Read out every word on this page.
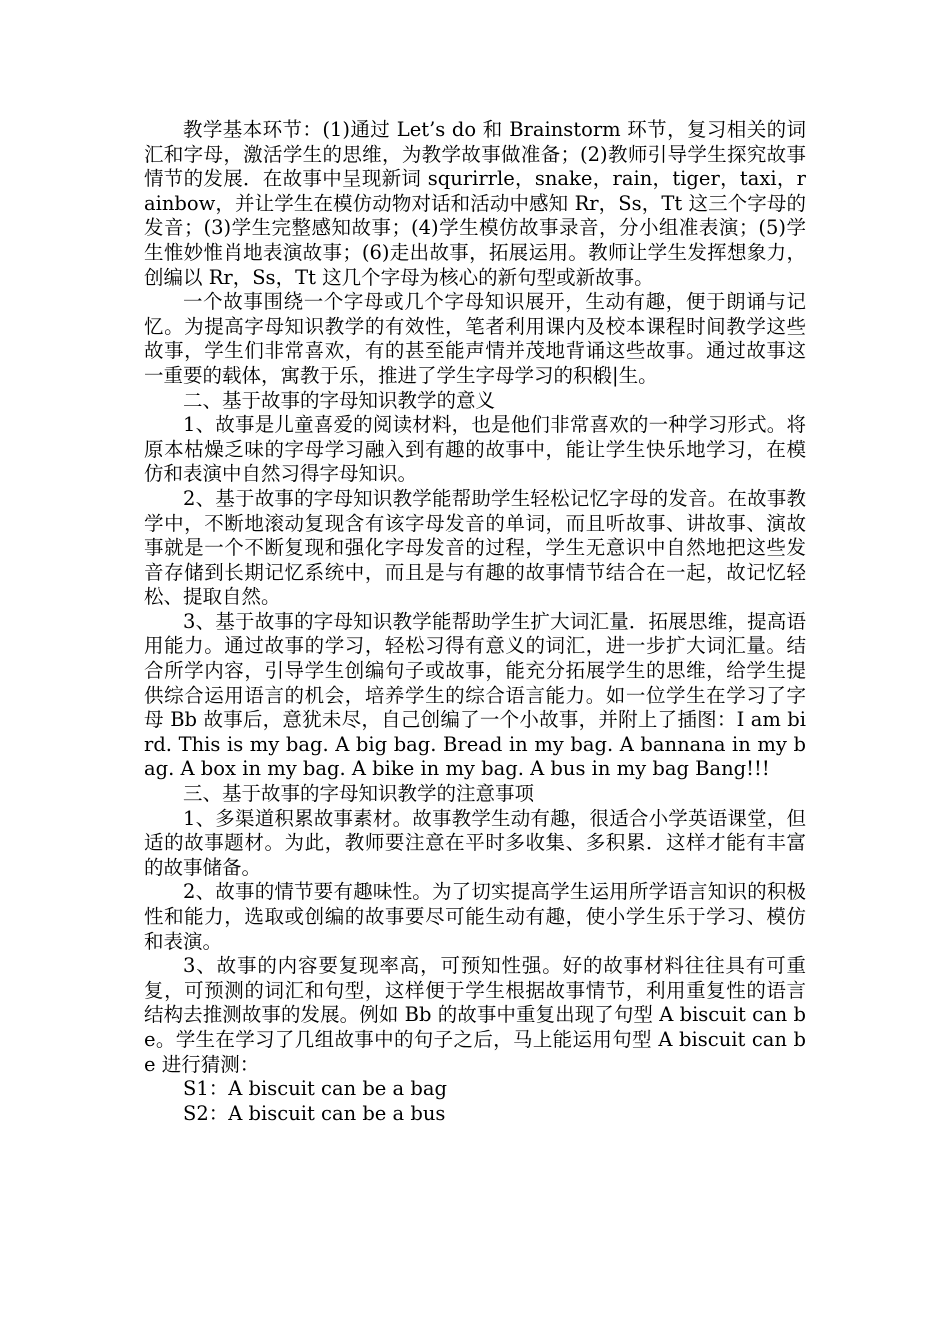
教学基本环节：(1)通过 Let’s do 和 Brainstorm 环节，复习相关的词汇和字母，激活学生的思维，为教学故事做准备；(2)教师引导学生探究故事情节的发展．在故事中呈现新词 squrirrle，snake，rain，tiger，taxi，rainbow，并让学生在模仿动物对话和活动中感知 Rr，Ss，Tt 这三个字母的发音；(3)学生完整感知故事；(4)学生模仿故事录音，分小组准表演；(5)学生惟妙惟肖地表演故事；(6)走出故事，拓展运用。教师让学生发挥想象力，创编以 Rr，Ss，Tt 这几个字母为核心的新句型或新故事。

一个故事围绕一个字母或几个字母知识展开，生动有趣，便于朗诵与记忆。为提高字母知识教学的有效性，笔者利用课内及校本课程时间教学这些故事，学生们非常喜欢，有的甚至能声情并茂地背诵这些故事。通过故事这一重要的载体，寓教于乐，推进了学生字母学习的积椴|生。

二、基于故事的字母知识教学的意义

1、故事是儿童喜爱的阅读材料，也是他们非常喜欢的一种学习形式。将原本枯燥乏味的字母学习融入到有趣的故事中，能让学生快乐地学习，在模仿和表演中自然习得字母知识。

2、基于故事的字母知识教学能帮助学生轻松记忆字母的发音。在故事教学中，不断地滚动复现含有该字母发音的单词，而且听故事、讲故事、演故事就是一个不断复现和强化字母发音的过程，学生无意识中自然地把这些发音存储到长期记忆系统中，而且是与有趣的故事情节结合在一起，故记忆轻松、提取自然。

3、基于故事的字母知识教学能帮助学生扩大词汇量．拓展思维，提高语用能力。通过故事的学习，轻松习得有意义的词汇，进一步扩大词汇量。结合所学内容，引导学生创编句子或故事，能充分拓展学生的思维，给学生提供综合运用语言的机会，培养学生的综合语言能力。如一位学生在学习了字母 Bb 故事后，意犹未尽，自己创编了一个小故事，并附上了插图：I am bird. This is my bag. A big bag. Bread in my bag. A bannana in my bag. A box in my bag. A bike in my bag. A bus in my bag Bang!!!

三、基于故事的字母知识教学的注意事项

1、多渠道积累故事素材。故事教学生动有趣，很适合小学英语课堂，但适的故事题材。为此，教师要注意在平时多收集、多积累．这样才能有丰富的故事储备。

2、故事的情节要有趣味性。为了切实提高学生运用所学语言知识的积极性和能力，选取或创编的故事要尽可能生动有趣，使小学生乐于学习、模仿和表演。

3、故事的内容要复现率高，可预知性强。好的故事材料往往具有可重复，可预测的词汇和句型，这样便于学生根据故事情节，利用重复性的语言结构去推测故事的发展。例如 Bb 的故事中重复出现了句型 A biscuit can be。学生在学习了几组故事中的句子之后，马上能运用句型 A biscuit can be 进行猜测：

S1：A biscuit can be a bag

S2：A biscuit can be a bus
